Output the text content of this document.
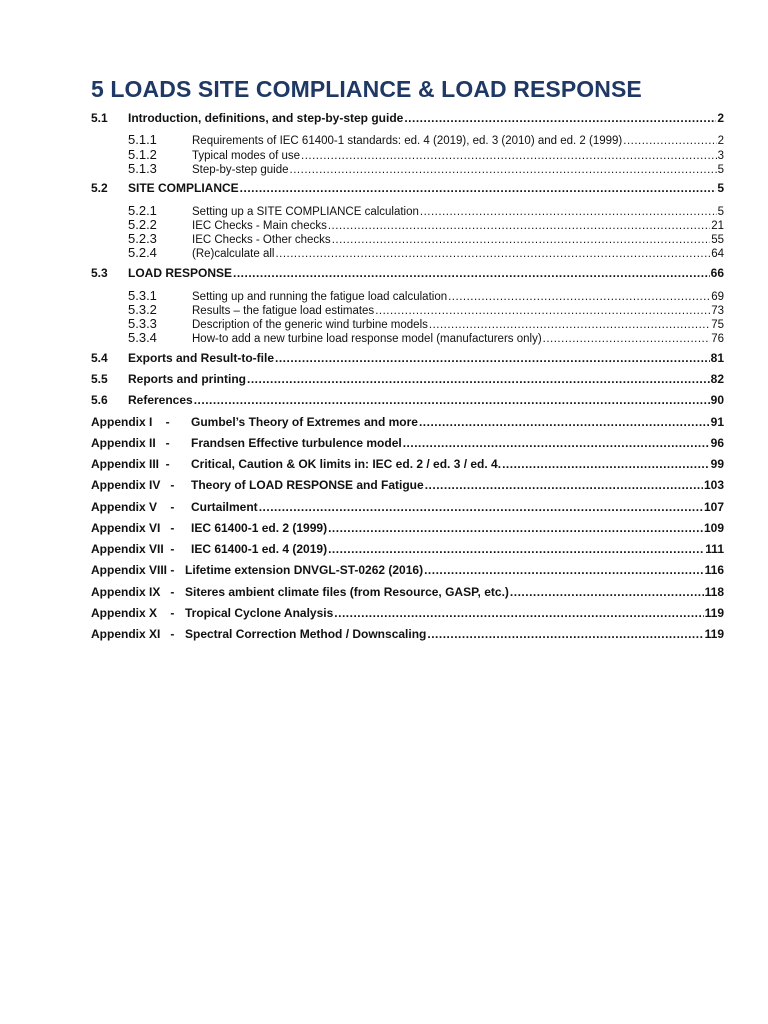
5 LOADS SITE COMPLIANCE & LOAD RESPONSE
5.1	Introduction, definitions, and step-by-step guide .....	2
5.1.1	Requirements of IEC 61400-1 standards: ed. 4 (2019), ed. 3 (2010) and ed. 2 (1999) .....	2
5.1.2	Typical modes of use .....	3
5.1.3	Step-by-step guide .....	5
5.2	SITE COMPLIANCE .....	5
5.2.1	Setting up a SITE COMPLIANCE calculation .....	5
5.2.2	IEC Checks - Main checks .....	21
5.2.3	IEC Checks - Other checks .....	55
5.2.4	(Re)calculate all .....	64
5.3	LOAD RESPONSE .....	66
5.3.1	Setting up and running the fatigue load calculation .....	69
5.3.2	Results – the fatigue load estimates .....	73
5.3.3	Description of the generic wind turbine models .....	75
5.3.4	How-to add a new turbine load response model (manufacturers only) .....	76
5.4	Exports and Result-to-file .....	81
5.5	Reports and printing .....	82
5.6	References .....	90
Appendix I    -	Gumbel’s Theory of Extremes and more .....	91
Appendix II   -	Frandsen Effective turbulence model .....	96
Appendix III  -	Critical, Caution & OK limits in: IEC ed. 2 / ed. 3 / ed. 4. .....	99
Appendix IV   - Theory of LOAD RESPONSE and Fatigue .....	103
Appendix V    - Curtailment .....	107
Appendix VI   - IEC 61400-1 ed. 2 (1999) .....	109
Appendix VII  - IEC 61400-1 ed. 4 (2019) .....	111
Appendix VIII - Lifetime extension DNVGL-ST-0262 (2016) .....	116
Appendix IX   - Siteres ambient climate files (from Resource, GASP, etc.) .....	118
Appendix X    - Tropical Cyclone Analysis .....	119
Appendix XI   - Spectral Correction Method / Downscaling .....	119
